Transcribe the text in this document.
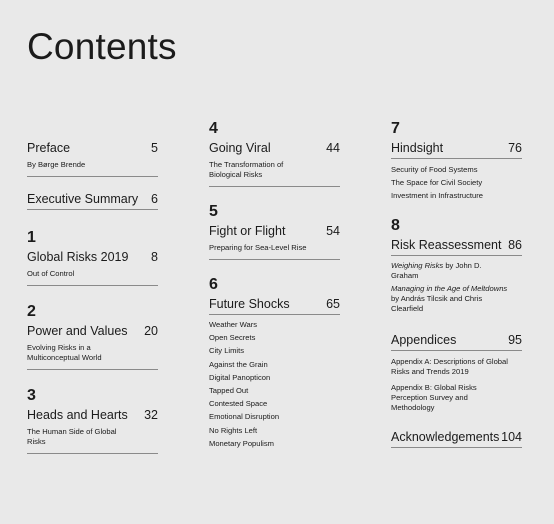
Contents
Preface	5
By Børge Brende
Executive Summary 6
1
Global Risks 2019 8
Out of Control
2
Power and Values 20
Evolving Risks in a Multiconceptual World
3
Heads and Hearts 32
The Human Side of Global Risks
4
Going Viral	44
The Transformation of Biological Risks
5
Fight or Flight	54
Preparing for Sea-Level Rise
6
Future Shocks	65
Weather Wars
Open Secrets
City Limits
Against the Grain
Digital Panopticon
Tapped Out
Contested Space
Emotional Disruption
No Rights Left
Monetary Populism
7
Hindsight	76
Security of Food Systems
The Space for Civil Society
Investment in Infrastructure
8
Risk Reassessment 86
Weighing Risks by John D. Graham
Managing in the Age of Meltdowns by András Tilcsik and Chris Clearfield
Appendices	95
Appendix A: Descriptions of Global Risks and Trends 2019
Appendix B: Global Risks Perception Survey and Methodology
Acknowledgements 104
